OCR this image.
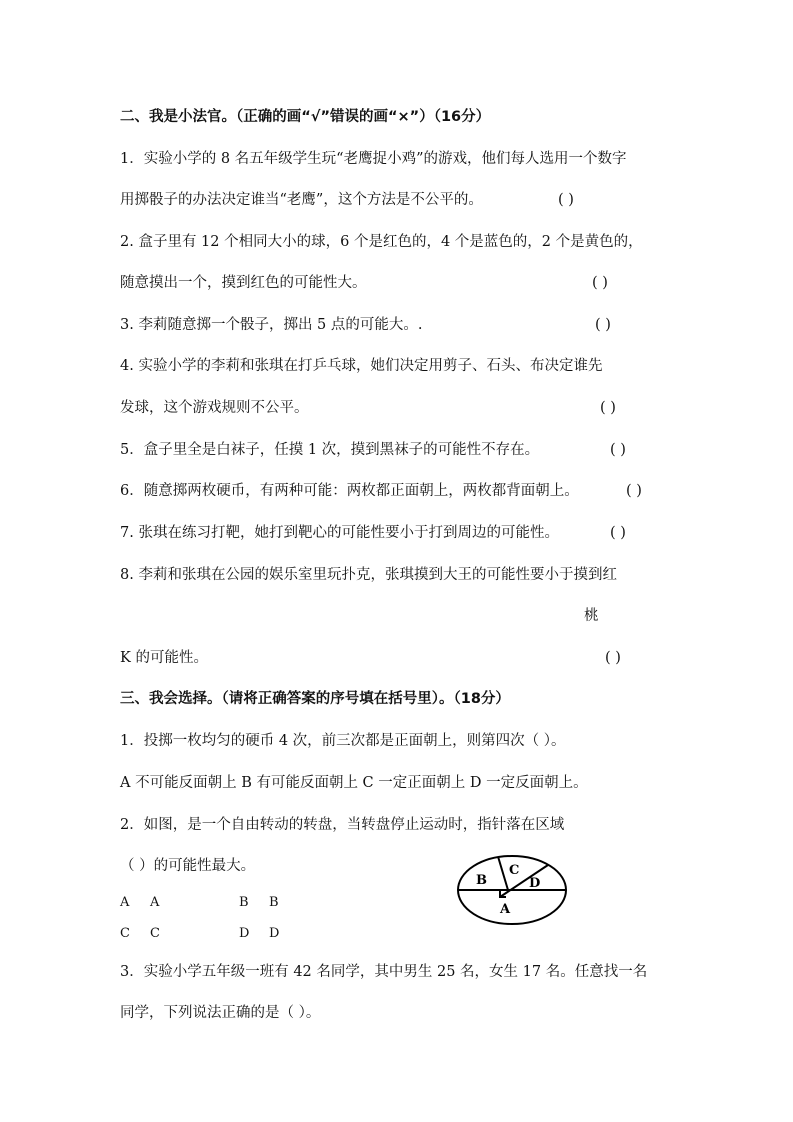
二、我是小法官。（正确的画“√”错误的画“×”）（16分）
1．实验小学的 8 名五年级学生玩“老鹰捉小鸡”的游戏，他们每人选用一个数字
用掷骰子的办法决定谁当“老鹰”，这个方法是不公平的。	( )
2. 盒子里有 12 个相同大小的球，6 个是红色的，4 个是蓝色的，2 个是黄色的，
随意摸出一个，摸到红色的可能性大。	( )
3. 李莉随意掷一个骰子，掷出 5 点的可能大。.	( )
4. 实验小学的李莉和张琪在打乒乓球，她们决定用剪子、石头、布决定谁先
发球，这个游戏规则不公平。	( )
5．盒子里全是白袜子，任摸 1 次，摸到黑袜子的可能性不存在。	( )
6．随意掷两枚硬币，有两种可能：两枚都正面朝上，两枚都背面朝上。	( )
7. 张琪在练习打靶，她打到靶心的可能性要小于打到周边的可能性。	( )
8. 李莉和张琪在公园的娱乐室里玩扑克，张琪摸到大王的可能性要小于摸到红
桃
K 的可能性。	( )
三、我会选择。（请将正确答案的序号填在括号里）。（18分）
1．投掷一枚均匀的硬币 4 次，前三次都是正面朝上，则第四次（ ）。
A 不可能反面朝上 B 有可能反面朝上 C 一定正面朝上 D 一定反面朝上。
2．如图，是一个自由转动的转盘，当转盘停止运动时，指针落在区域
（ ）的可能性最大。
A A	B B
C C	D D
B
C
D
A
3．实验小学五年级一班有 42 名同学，其中男生 25 名，女生 17 名。任意找一名
同学，下列说法正确的是（ ）。
